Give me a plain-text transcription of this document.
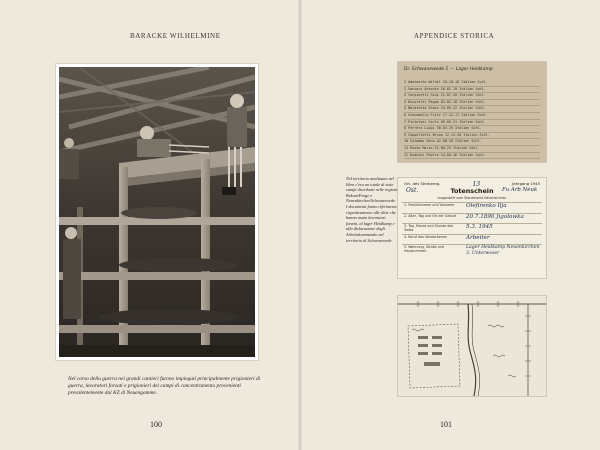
BARACKE WILHELMINE
Nel corso della guerra nei grandi cantieri furono impiegati principalmente prigionieri di guerra, lavoratori forzati e prigionieri dei campi di concentramento provenienti prevalentemente dal KZ di Neuengamme.
100
APPENDICE STORICA
Dr. Schwanewede 1 — Lager Heidkamp
1 Amatoetto Wilhel 25.10.16 Italien Schl.
2 Vaccaro Antonio 16.01.19 Italien Schl.
3 Carpinetti Gino 11.07.20 Italien Schl.
4 Nicoletti Peppe 03.02.18 Italien Schl.
5 Malatesta Ennio 24.09.22 Italien Schl.
6 Giacomello Fritz 17.12.17 Italien Schl.
7 Pistolesi Carlo 09.05.21 Italien Schl.
8 Ferrero Luigi 30.03.19 Italien Schl.
9 Cappelletti Bruno 12.11.20 Italien Schl.
10 Colombo Nino 02.08.18 Italien Schl.
11 Russo Mario 21.06.23 Italien Schl.
12 Bianchi Pietro 14.04.16 Italien Schl.
Nel territorio analizzato nel libro c'era un totale di sette campi distribuiti nelle regioni Rekum/Farge e Neuenkirchen/Schwanewede. I documenti fanno riferimento rispettivamente alle ditte che hanno usato lavoratori forzati, al lager Heidkamp e alla dislocazione degli Arbeitskommando nel territorio di Schwanewede.
Ort. des Sterbereg.	13	Jahrgang 1945
Ost.	Totenschein	Fu Arb Neuk
ausgestellt vom Standesamt Neuenkirchen
1. Familienname und Vorname	Olefirenko Ilja
2. Alter, Tag und Ort der Geburt	20.7.1890 Jigolowka
3. Tag, Monat und Stunde des Todes	5.3. 1945
4. Beruf des Verstorbenen	Arbeiter
5. Wohnung, Straße und Hausnummer
Lager Heidkamp Neuenkirchen 3. Unterweser
101
